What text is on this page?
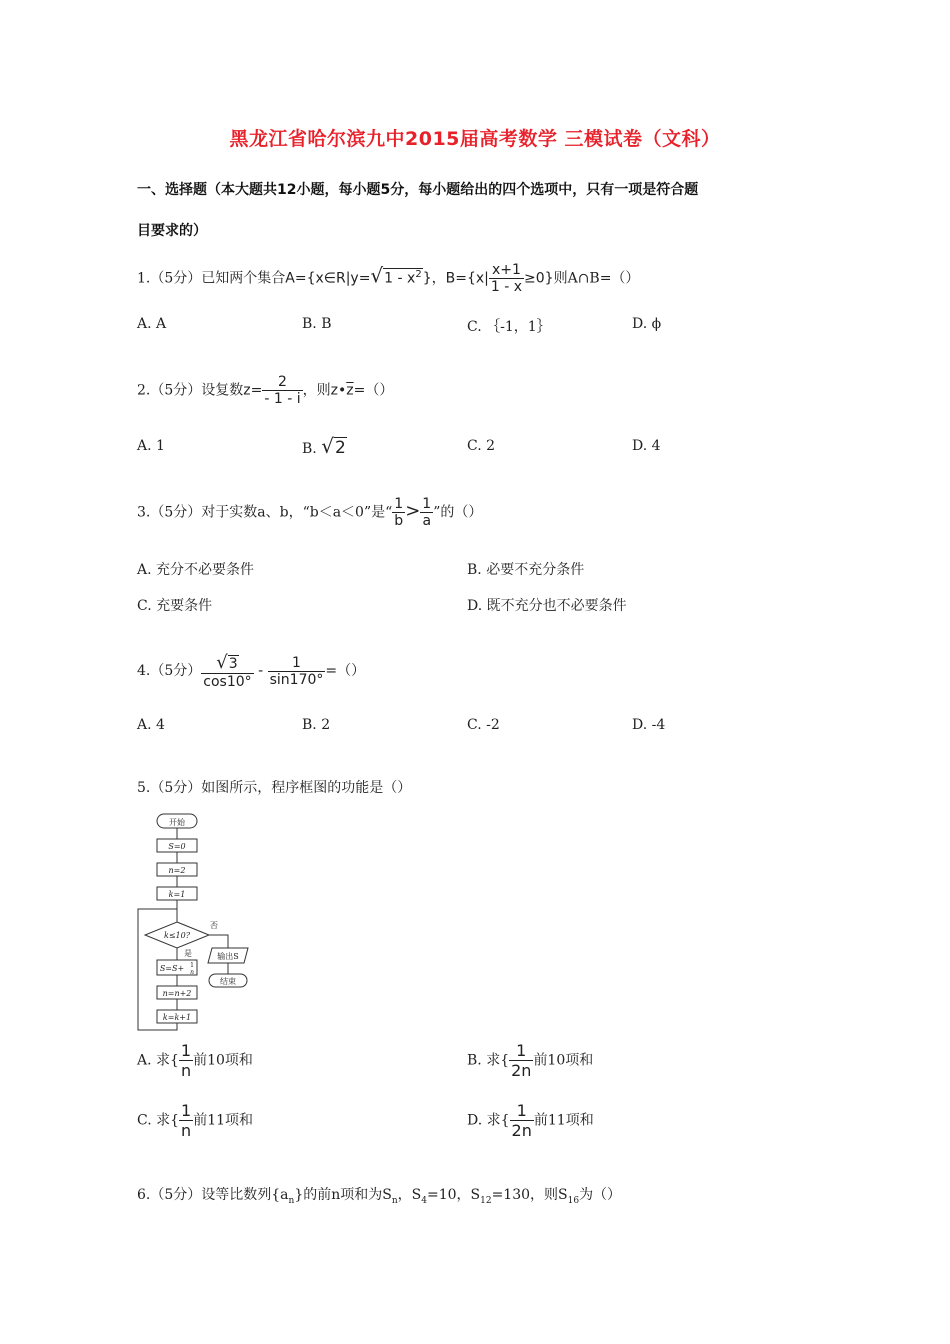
黑龙江省哈尔滨九中2015届高考数学 三模试卷（文科）
一、选择题（本大题共12小题，每小题5分，每小题给出的四个选项中，只有一项是符合题
目要求的）
1.（5分）已知两个集合A={x∈R|y=√1 - $x^2$}，$B=\{x| \frac{x+1}{1 - x} \ge 0\}$则A∩B=（）
A. A	B. B	C. ｛-1，1｝	D. ϕ
2.（5分）设复数$z= \frac{2}{- 1 - i}$ ，则$z•\overline{z}=()$
A. 1	B. √2	C. 2	D. 4
3.（5分）对于实数a、b，“b＜a＜0”是“ $\frac{1}{b} > \frac{1}{a}$ ”的（）
A. 充分不必要条件	B. 必要不充分条件
C. 充要条件	D. 既不充分也不必要条件
4.（5分） $\frac{√3}{\cos 10^\circ} - \frac{1}{\sin 170^\circ}$ =（）
A. 4	B. 2	C. -2	D. -4
5.（5分）如图所示，程序框图的功能是（）
开始
S=0
n=2
k=1
k≤10?
否
是
S=S+ 1
n
n=n+2
k=k+1
输出S
结束
A. 求{ $\frac{1}{n}$ 前10项和	B. 求{ $\frac{1}{2n}$ 前10项和
C. 求{ $\frac{1}{n}$ 前11项和	D. 求{ $\frac{1}{2n}$ 前11项和
6.（5分）设等比数列$\{a_n\}$的前n项和为$S_n$，$S_4=10$，$S_{12}=130$，则$S_{16}$为（）
